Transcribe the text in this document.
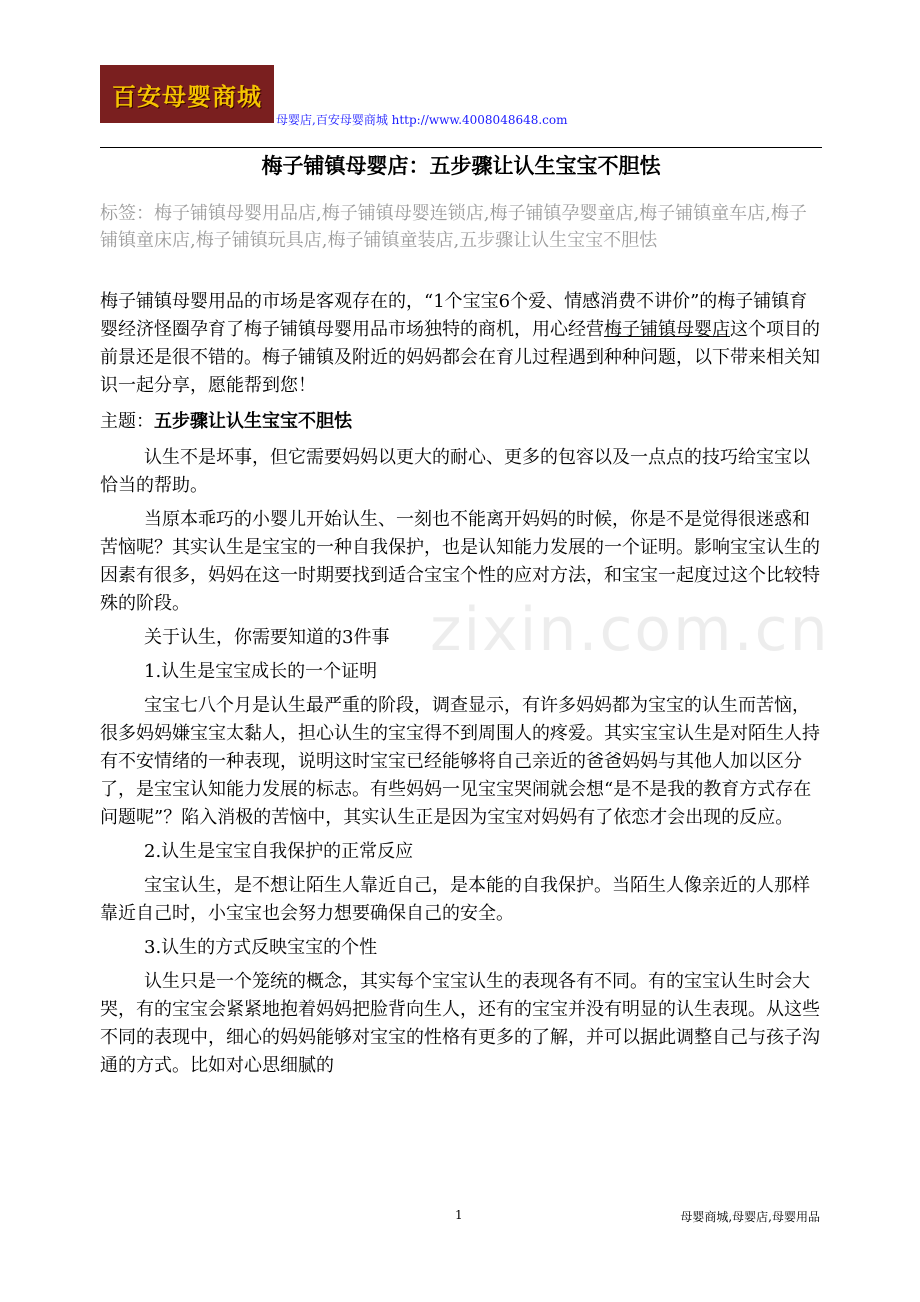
百安母婴商城
母婴店,百安母婴商城 http://www.4008048648.com
梅子铺镇母婴店：五步骤让认生宝宝不胆怯
标签：梅子铺镇母婴用品店,梅子铺镇母婴连锁店,梅子铺镇孕婴童店,梅子铺镇童车店,梅子铺镇童床店,梅子铺镇玩具店,梅子铺镇童装店,五步骤让认生宝宝不胆怯

梅子铺镇母婴用品的市场是客观存在的，“1个宝宝6个爱、情感消费不讲价”的梅子铺镇育婴经济怪圈孕育了梅子铺镇母婴用品市场独特的商机，用心经营梅子铺镇母婴店这个项目的前景还是很不错的。梅子铺镇及附近的妈妈都会在育儿过程遇到种种问题，以下带来相关知识一起分享，愿能帮到您！

主题：五步骤让认生宝宝不胆怯

认生不是坏事，但它需要妈妈以更大的耐心、更多的包容以及一点点的技巧给宝宝以恰当的帮助。

当原本乖巧的小婴儿开始认生、一刻也不能离开妈妈的时候，你是不是觉得很迷惑和苦恼呢？其实认生是宝宝的一种自我保护，也是认知能力发展的一个证明。影响宝宝认生的因素有很多，妈妈在这一时期要找到适合宝宝个性的应对方法，和宝宝一起度过这个比较特殊的阶段。

关于认生，你需要知道的3件事

1.认生是宝宝成长的一个证明

宝宝七八个月是认生最严重的阶段，调查显示，有许多妈妈都为宝宝的认生而苦恼，很多妈妈嫌宝宝太黏人，担心认生的宝宝得不到周围人的疼爱。其实宝宝认生是对陌生人持有不安情绪的一种表现，说明这时宝宝已经能够将自己亲近的爸爸妈妈与其他人加以区分了，是宝宝认知能力发展的标志。有些妈妈一见宝宝哭闹就会想“是不是我的教育方式存在问题呢”？陷入消极的苦恼中，其实认生正是因为宝宝对妈妈有了依恋才会出现的反应。

2.认生是宝宝自我保护的正常反应

宝宝认生，是不想让陌生人靠近自己，是本能的自我保护。当陌生人像亲近的人那样靠近自己时，小宝宝也会努力想要确保自己的安全。

3.认生的方式反映宝宝的个性

认生只是一个笼统的概念，其实每个宝宝认生的表现各有不同。有的宝宝认生时会大哭，有的宝宝会紧紧地抱着妈妈把脸背向生人，还有的宝宝并没有明显的认生表现。从这些不同的表现中，细心的妈妈能够对宝宝的性格有更多的了解，并可以据此调整自己与孩子沟通的方式。比如对心思细腻的

zixin.com.cn
1	母婴商城,母婴店,母婴用品
